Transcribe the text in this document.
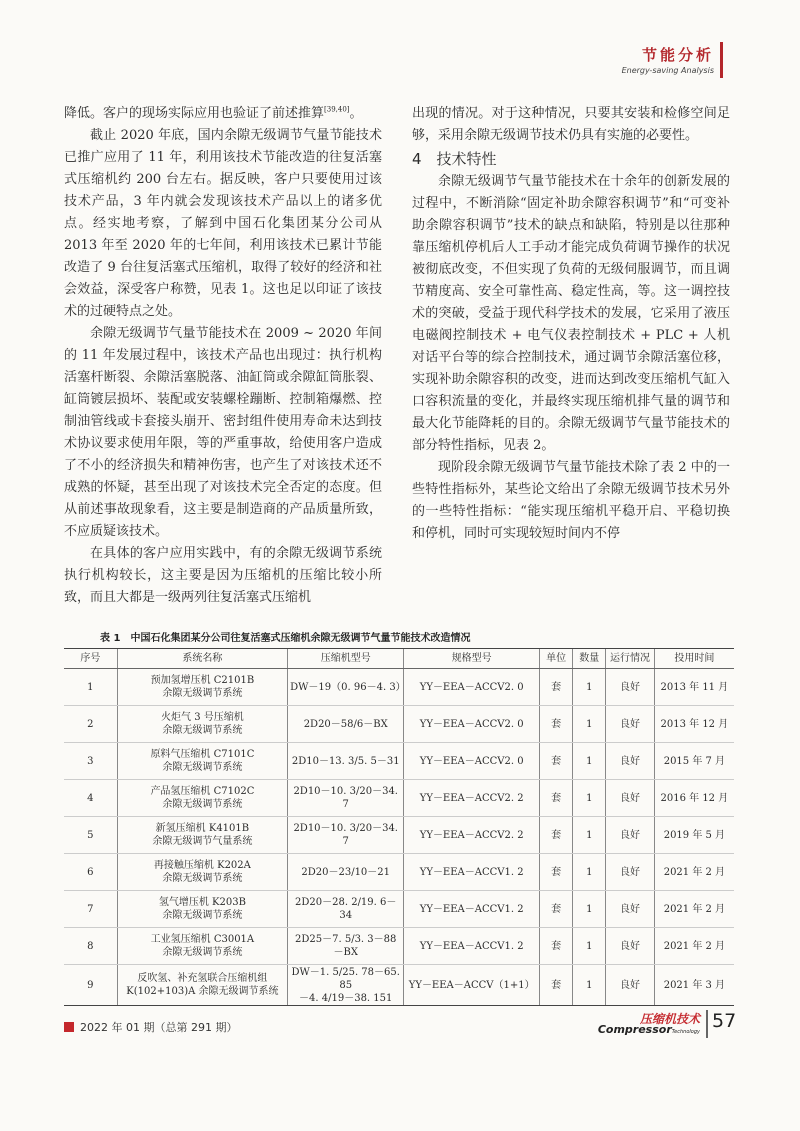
节能分析
Energy-saving Analysis

降低。客户的现场实际应用也验证了前述推算[39,40]。

截止 2020 年底，国内余隙无级调节气量节能技术已推广应用了 11 年，利用该技术节能改造的往复活塞式压缩机约 200 台左右。据反映，客户只要使用过该技术产品，3 年内就会发现该技术产品以上的诸多优点。经实地考察，了解到中国石化集团某分公司从 2013 年至 2020 年的七年间，利用该技术已累计节能改造了 9 台往复活塞式压缩机，取得了较好的经济和社会效益，深受客户称赞，见表 1。这也足以印证了该技术的过硬特点之处。

余隙无级调节气量节能技术在 2009 ~ 2020 年间的 11 年发展过程中，该技术产品也出现过：执行机构活塞杆断裂、余隙活塞脱落、油缸筒或余隙缸筒胀裂、缸筒镀层损坏、装配或安装螺栓蹦断、控制箱爆燃、控制油管线或卡套接头崩开、密封组件使用寿命未达到技术协议要求使用年限，等的严重事故，给使用客户造成了不小的经济损失和精神伤害，也产生了对该技术还不成熟的怀疑，甚至出现了对该技术完全否定的态度。但从前述事故现象看，这主要是制造商的产品质量所致，不应质疑该技术。

在具体的客户应用实践中，有的余隙无级调节系统执行机构较长，这主要是因为压缩机的压缩比较小所致，而且大都是一级两列往复活塞式压缩机

出现的情况。对于这种情况，只要其安装和检修空间足够，采用余隙无级调节技术仍具有实施的必要性。

4　技术特性

余隙无级调节气量节能技术在十余年的创新发展的过程中，不断消除“固定补助余隙容积调节”和“可变补助余隙容积调节”技术的缺点和缺陷，特别是以往那种靠压缩机停机后人工手动才能完成负荷调节操作的状况被彻底改变，不但实现了负荷的无级伺服调节，而且调节精度高、安全可靠性高、稳定性高，等。这一调控技术的突破，受益于现代科学技术的发展，它采用了液压电磁阀控制技术 + 电气仪表控制技术 + PLC + 人机对话平台等的综合控制技术，通过调节余隙活塞位移，实现补助余隙容积的改变，进而达到改变压缩机气缸入口容积流量的变化，并最终实现压缩机排气量的调节和最大化节能降耗的目的。余隙无级调节气量节能技术的部分特性指标，见表 2。

现阶段余隙无级调节气量节能技术除了表 2 中的一些特性指标外，某些论文给出了余隙无级调节技术另外的一些特性指标：“能实现压缩机平稳开启、平稳切换和停机，同时可实现较短时间内不停

表 1　中国石化集团某分公司往复活塞式压缩机余隙无级调节气量节能技术改造情况
序号	系统名称	压缩机型号	规格型号	单位	数量	运行情况	投用时间
1	预加氢增压机 C2101B
余隙无级调节系统	DW－19（0. 96－4. 3）	YY－EEA－ACCV2. 0	套	1	良好	2013 年 11 月
2	火炬气 3 号压缩机
余隙无级调节系统	2D20－58/6－BX	YY－EEA－ACCV2. 0	套	1	良好	2013 年 12 月
3	原料气压缩机 C7101C
余隙无级调节系统	2D10－13. 3/5. 5－31	YY－EEA－ACCV2. 0	套	1	良好	2015 年 7 月
4	产品氢压缩机 C7102C
余隙无级调节系统	2D10－10. 3/20－34. 7	YY－EEA－ACCV2. 2	套	1	良好	2016 年 12 月
5	新氢压缩机 K4101B
余隙无级调节气量系统	2D10－10. 3/20－34. 7	YY－EEA－ACCV2. 2	套	1	良好	2019 年 5 月
6	再接触压缩机 K202A
余隙无级调节系统	2D20－23/10－21	YY－EEA－ACCV1. 2	套	1	良好	2021 年 2 月
7	氢气增压机 K203B
余隙无级调节系统	2D20－28. 2/19. 6－34	YY－EEA－ACCV1. 2	套	1	良好	2021 年 2 月
8	工业氢压缩机 C3001A
余隙无级调节系统	2D25－7. 5/3. 3－88－BX	YY－EEA－ACCV1. 2	套	1	良好	2021 年 2 月
9	反吹氢、补充氢联合压缩机组
K(102+103)A 余隙无级调节系统	DW－1. 5/25. 78－65. 85
－4. 4/19－38. 151	YY－EEA－ACCV（1+1）	套	1	良好	2021 年 3 月
2022 年 01 期（总第 291 期）
压缩机技术
CompressorTechnology 57
